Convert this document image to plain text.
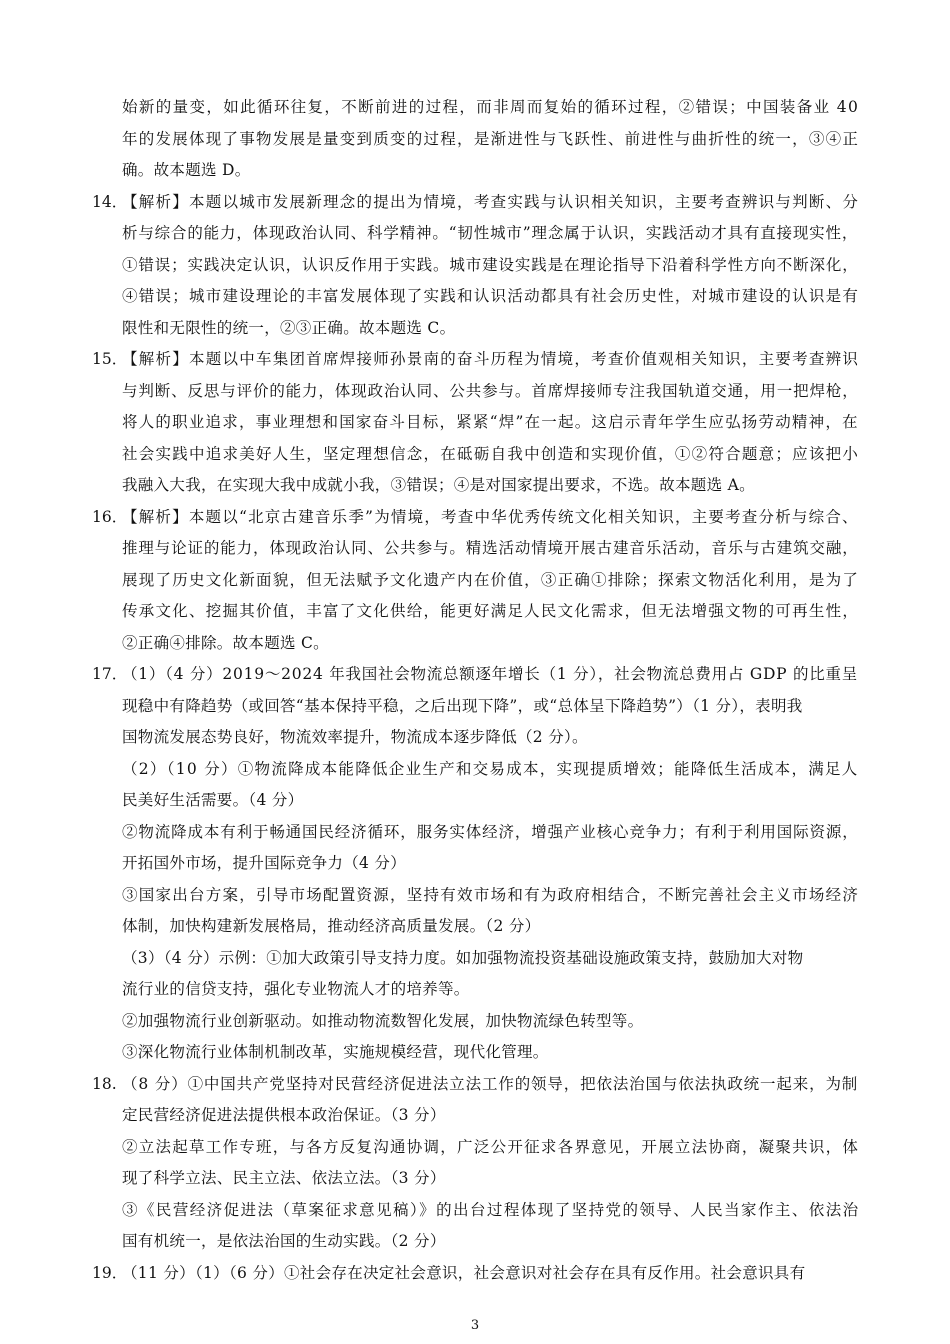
始新的量变，如此循环往复，不断前进的过程，而非周而复始的循环过程，②错误；中国装备业 40
年的发展体现了事物发展是量变到质变的过程，是渐进性与飞跃性、前进性与曲折性的统一，③④正
确。故本题选 D。
14．
【解析】本题以城市发展新理念的提出为情境，考查实践与认识相关知识，主要考查辨识与判断、分
析与综合的能力，体现政治认同、科学精神。“韧性城市”理念属于认识，实践活动才具有直接现实性，
①错误；实践决定认识，认识反作用于实践。城市建设实践是在理论指导下沿着科学性方向不断深化，
④错误；城市建设理论的丰富发展体现了实践和认识活动都具有社会历史性，对城市建设的认识是有
限性和无限性的统一，②③正确。故本题选 C。
15．
【解析】本题以中车集团首席焊接师孙景南的奋斗历程为情境，考查价值观相关知识，主要考查辨识
与判断、反思与评价的能力，体现政治认同、公共参与。首席焊接师专注我国轨道交通，用一把焊枪，
将人的职业追求，事业理想和国家奋斗目标，紧紧“焊”在一起。这启示青年学生应弘扬劳动精神，在
社会实践中追求美好人生，坚定理想信念，在砥砺自我中创造和实现价值，①②符合题意；应该把小
我融入大我，在实现大我中成就小我，③错误；④是对国家提出要求，不选。故本题选 A。
16．
【解析】本题以“北京古建音乐季”为情境，考查中华优秀传统文化相关知识，主要考查分析与综合、
推理与论证的能力，体现政治认同、公共参与。精选活动情境开展古建音乐活动，音乐与古建筑交融，
展现了历史文化新面貌，但无法赋予文化遗产内在价值，③正确①排除；探索文物活化利用，是为了
传承文化、挖掘其价值，丰富了文化供给，能更好满足人民文化需求，但无法增强文物的可再生性，
②正确④排除。故本题选 C。
17．
（1）（4 分）2019～2024 年我国社会物流总额逐年增长（1 分），社会物流总费用占 GDP 的比重呈
现稳中有降趋势（或回答“基本保持平稳，之后出现下降”，或“总体呈下降趋势”）（1 分），表明我
国物流发展态势良好，物流效率提升，物流成本逐步降低（2 分）。
（2）（10 分）①物流降成本能降低企业生产和交易成本，实现提质增效；能降低生活成本，满足人
民美好生活需要。（4 分）
②物流降成本有利于畅通国民经济循环，服务实体经济，增强产业核心竞争力；有利于利用国际资源，
开拓国外市场，提升国际竞争力（4 分）
③国家出台方案，引导市场配置资源，坚持有效市场和有为政府相结合，不断完善社会主义市场经济
体制，加快构建新发展格局，推动经济高质量发展。（2 分）
（3）（4 分）示例：①加大政策引导支持力度。如加强物流投资基础设施政策支持，鼓励加大对物
流行业的信贷支持，强化专业物流人才的培养等。
②加强物流行业创新驱动。如推动物流数智化发展，加快物流绿色转型等。
③深化物流行业体制机制改革，实施规模经营，现代化管理。
18. （8 分）①中国共产党坚持对民营经济促进法立法工作的领导，把依法治国与依法执政统一起来，为制
定民营经济促进法提供根本政治保证。（3 分）
②立法起草工作专班，与各方反复沟通协调，广泛公开征求各界意见，开展立法协商，凝聚共识，体
现了科学立法、民主立法、依法立法。（3 分）
③《民营经济促进法（草案征求意见稿）》的出台过程体现了坚持党的领导、人民当家作主、依法治
国有机统一，是依法治国的生动实践。（2 分）
19．
（11 分）（1）（6 分）①社会存在决定社会意识，社会意识对社会存在具有反作用。社会意识具有
3
